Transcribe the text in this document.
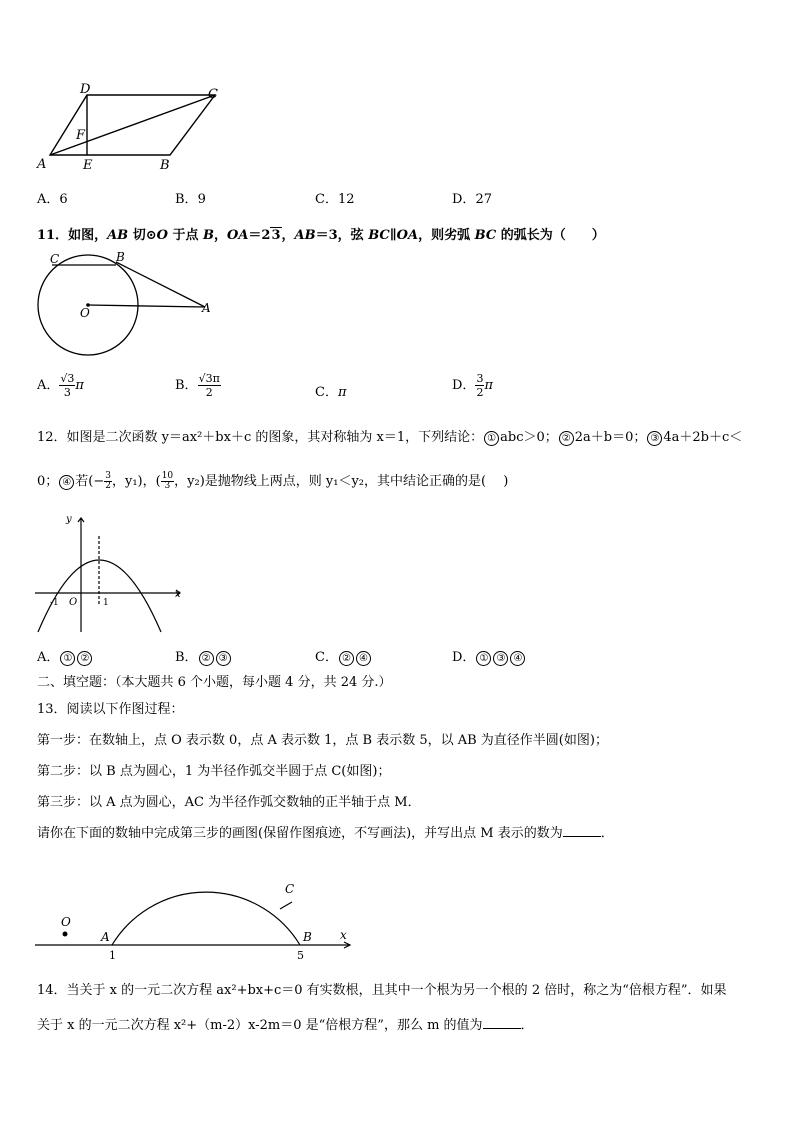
D	C
F
A	E	B
A．6	B．9	C．12	D．27
11．如图，AB 切⊙O 于点 B，OA＝23，AB＝3，弦 BC∥OA，则劣弧 BC 的弧长为（　　）
C	B
O	A
A． $\frac{√3}{3}$ π	B． $\frac{√3\pi}{2}$	C．π	D． $\frac{3}{2}$ π
12．如图是二次函数 y＝ax²＋bx＋c 的图象，其对称轴为 x＝1，下列结论： ① abc＞0； ② 2a＋b＝0； ③ 4a＋2b＋c＜
0； ④ 若(− $\frac{3}{2}$ ，y₁)，( $\frac{10}{3}$ ，y₂)是抛物线上两点，则 y₁＜y₂，其中结论正确的是(　 )
y
x
O
-1	1
A． ① ②	B． ② ③	C． ② ④	D． ① ③ ④
二、填空题：（本大题共 6 个小题，每小题 4 分，共 24 分.）
13．阅读以下作图过程：
第一步：在数轴上，点 O 表示数 0，点 A 表示数 1，点 B 表示数 5，以 AB 为直径作半圆(如图)；
第二步：以 B 点为圆心，1 为半径作弧交半圆于点 C(如图)；
第三步：以 A 点为圆心，AC 为半径作弧交数轴的正半轴于点 M．
请你在下面的数轴中完成第三步的画图(保留作图痕迹，不写画法)，并写出点 M 表示的数为	．
O
A	B
C
x
1	5
14．当关于 x 的一元二次方程 ax²+bx+c＝0 有实数根，且其中一个根为另一个根的 2 倍时，称之为“倍根方程”．如果
关于 x 的一元二次方程 x²+（m-2）x-2m＝0 是“倍根方程”，那么 m 的值为	．
